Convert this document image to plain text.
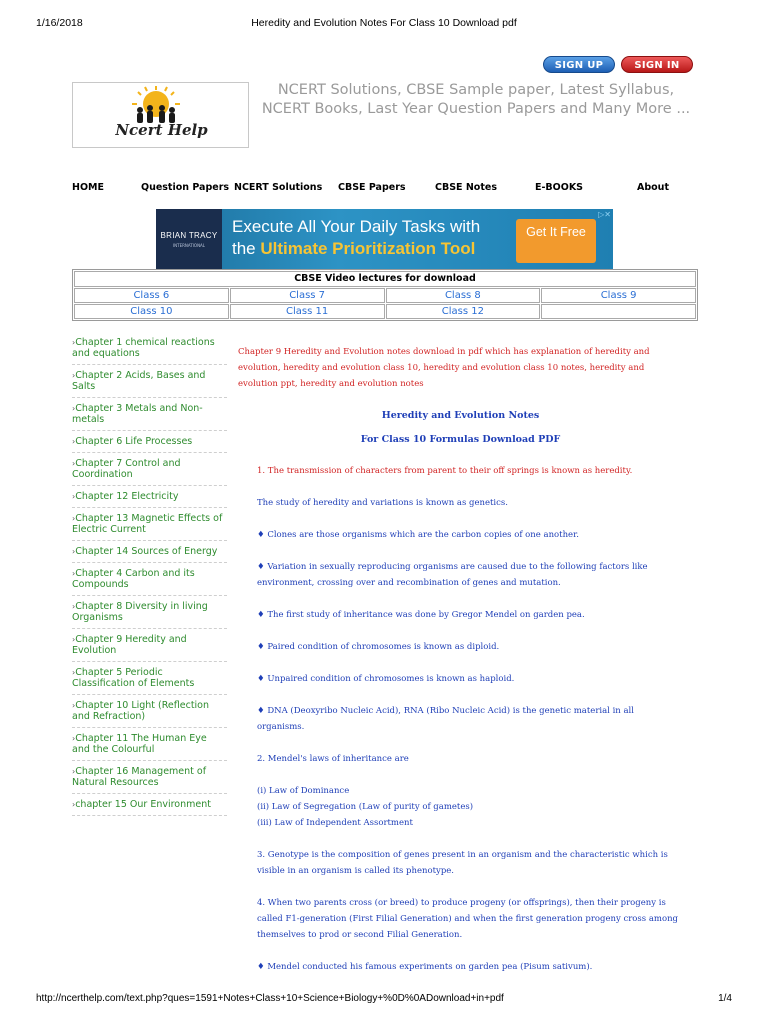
1/16/2018	Heredity and Evolution Notes For Class 10 Download pdf
SIGN UP	SIGN IN
Ncert Help
NCERT Solutions, CBSE Sample paper, Latest Syllabus, NCERT Books, Last Year Question Papers and Many More ...
HOME	Question Papers NCERT Solutions CBSE Papers	CBSE Notes	E-BOOKS	About
BRIAN TRACY
INTERNATIONAL
Execute All Your Daily Tasks with
the Ultimate Prioritization Tool
Get It Free
▷✕
CBSE Video lectures for download
Class 6	Class 7	Class 8	Class 9
Class 10	Class 11	Class 12
›Chapter 1 chemical reactions and equations
›Chapter 2 Acids, Bases and Salts
›Chapter 3 Metals and Non-metals
›Chapter 6 Life Processes
›Chapter 7 Control and Coordination
›Chapter 12 Electricity
›Chapter 13 Magnetic Effects of Electric Current
›Chapter 14 Sources of Energy
›Chapter 4 Carbon and its Compounds
›Chapter 8 Diversity in living Organisms
›Chapter 9 Heredity and Evolution
›Chapter 5 Periodic Classification of Elements
›Chapter 10 Light (Reflection and Refraction)
›Chapter 11 The Human Eye and the Colourful
›Chapter 16 Management of Natural Resources
›chapter 15 Our Environment

Chapter 9 Heredity and Evolution notes download in pdf which has explanation of heredity and evolution, heredity and evolution class 10, heredity and evolution class 10 notes, heredity and evolution ppt, heredity and evolution notes

Heredity and Evolution Notes

For Class 10 Formulas Download PDF

1. The transmission of characters from parent to their off springs is known as heredity.

The study of heredity and variations is known as genetics.

♦ Clones are those organisms which are the carbon copies of one another.

♦ Variation in sexually reproducing organisms are caused due to the following factors like environment, crossing over and recombination of genes and mutation.

♦ The first study of inheritance was done by Gregor Mendel on garden pea.

♦ Paired condition of chromosomes is known as diploid.

♦ Unpaired condition of chromosomes is known as haploid.

♦ DNA (Deoxyribo Nucleic Acid), RNA (Ribo Nucleic Acid) is the genetic material in all organisms.

2. Mendel's laws of inheritance are

(i) Law of Dominance

(ii) Law of Segregation (Law of purity of gametes)

(iii) Law of Independent Assortment

3. Genotype is the composition of genes present in an organism and the characteristic which is visible in an organism is called its phenotype.

4. When two parents cross (or breed) to produce progeny (or offsprings), then their progeny is called F1-generation (First Filial Generation) and when the first generation progeny cross among themselves to prod or second Filial Generation.

♦ Mendel conducted his famous experiments on garden pea (Pisum sativum).

http://ncerthelp.com/text.php?ques=1591+Notes+Class+10+Science+Biology+%0D%0ADownload+in+pdf	1/4
